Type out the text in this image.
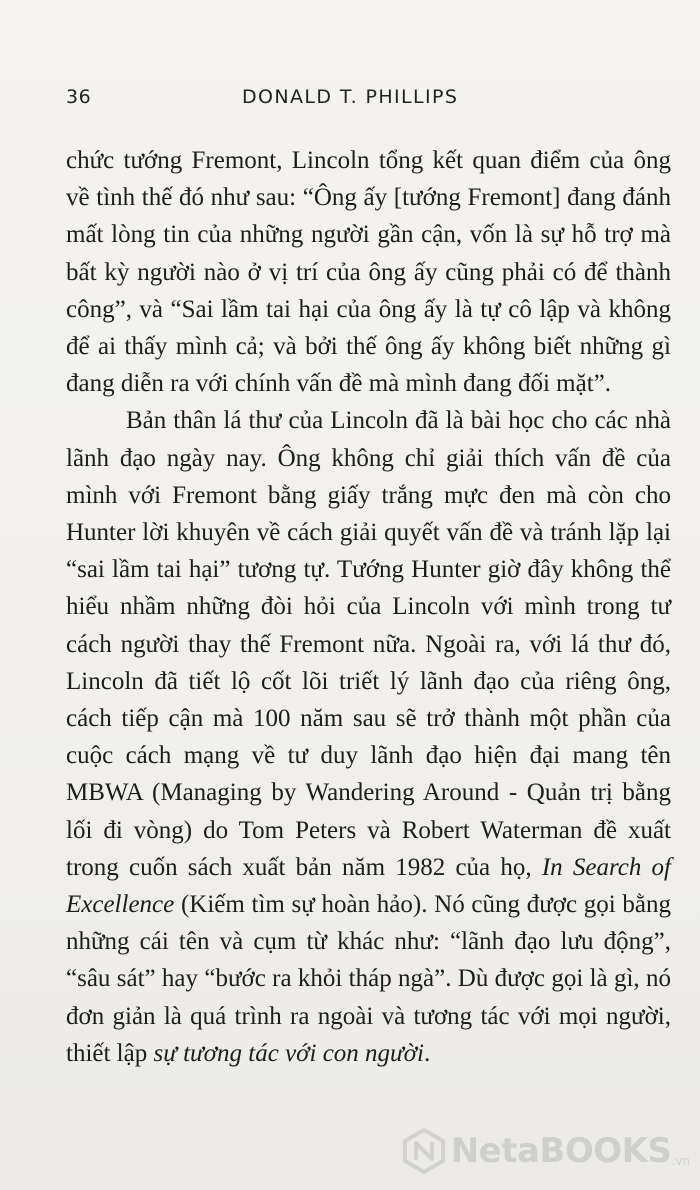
36	DONALD T. PHILLIPS

chức tướng Fremont, Lincoln tổng kết quan điểm của ông về tình thế đó như sau: “Ông ấy [tướng Fremont] đang đánh mất lòng tin của những người gần cận, vốn là sự hỗ trợ mà bất kỳ người nào ở vị trí của ông ấy cũng phải có để thành công”, và “Sai lầm tai hại của ông ấy là tự cô lập và không để ai thấy mình cả; và bởi thế ông ấy không biết những gì đang diễn ra với chính vấn đề mà mình đang đối mặt”.

Bản thân lá thư của Lincoln đã là bài học cho các nhà lãnh đạo ngày nay. Ông không chỉ giải thích vấn đề của mình với Fremont bằng giấy trắng mực đen mà còn cho Hunter lời khuyên về cách giải quyết vấn đề và tránh lặp lại “sai lầm tai hại” tương tự. Tướng Hunter giờ đây không thể hiểu nhầm những đòi hỏi của Lincoln với mình trong tư cách người thay thế Fremont nữa. Ngoài ra, với lá thư đó, Lincoln đã tiết lộ cốt lõi triết lý lãnh đạo của riêng ông, cách tiếp cận mà 100 năm sau sẽ trở thành một phần của cuộc cách mạng về tư duy lãnh đạo hiện đại mang tên MBWA (Managing by Wandering Around - Quản trị bằng lối đi vòng) do Tom Peters và Robert Waterman đề xuất trong cuốn sách xuất bản năm 1982 của họ, In Search of Excellence (Kiếm tìm sự hoàn hảo). Nó cũng được gọi bằng những cái tên và cụm từ khác như: “lãnh đạo lưu động”, “sâu sát” hay “bước ra khỏi tháp ngà”. Dù được gọi là gì, nó đơn giản là quá trình ra ngoài và tương tác với mọi người, thiết lập sự tương tác với con người.

NetaBOOKS .vn
